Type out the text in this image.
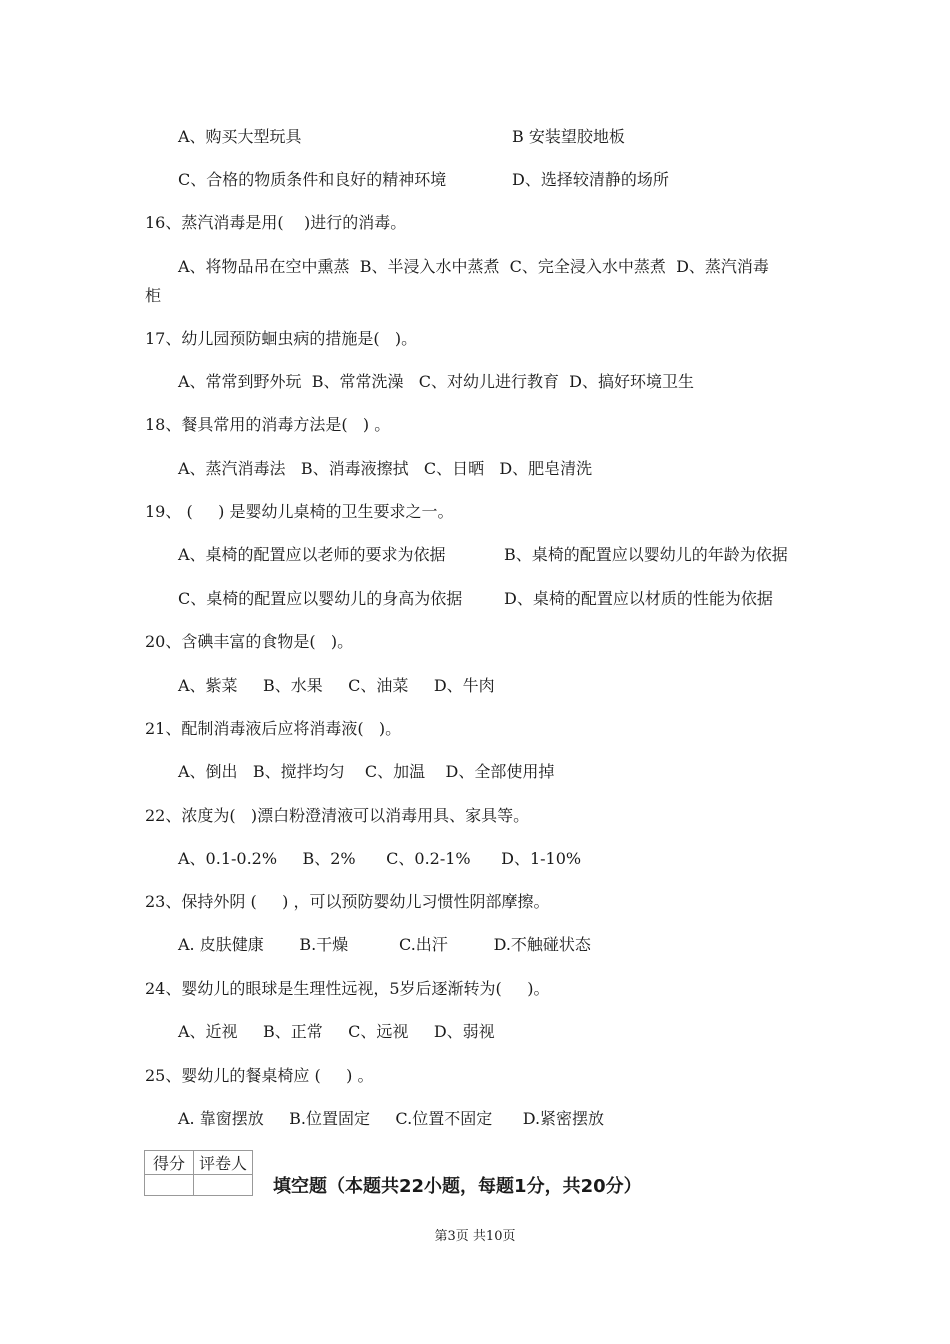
A、购买大型玩具	B 安装望胶地板
C、合格的物质条件和良好的精神环境	D、选择较清静的场所
16、蒸汽消毒是用(    )进行的消毒。
A、将物品吊在空中熏蒸  B、半浸入水中蒸煮  C、完全浸入水中蒸煮  D、蒸汽消毒
柜
17、幼儿园预防蛔虫病的措施是(   )。
A、常常到野外玩  B、常常洗澡   C、对幼儿进行教育  D、搞好环境卫生
18、餐具常用的消毒方法是(   ) 。
A、蒸汽消毒法   B、消毒液擦拭   C、日晒   D、肥皂清洗
19、 (     ) 是婴幼儿桌椅的卫生要求之一。
A、桌椅的配置应以老师的要求为依据	B、桌椅的配置应以婴幼儿的年龄为依据
C、桌椅的配置应以婴幼儿的身高为依据	D、桌椅的配置应以材质的性能为依据
20、含碘丰富的食物是(   )。
A、紫菜     B、水果     C、油菜     D、牛肉
21、配制消毒液后应将消毒液(   )。
A、倒出   B、搅拌均匀    C、加温    D、全部使用掉
22、浓度为(   )漂白粉澄清液可以消毒用具、家具等。
A、0.1-0.2%     B、2%      C、0.2-1%      D、1-10%
23、保持外阴 (     ) ，可以预防婴幼儿习惯性阴部摩擦。
A. 皮肤健康       B.干燥          C.出汗         D.不触碰状态
24、婴幼儿的眼球是生理性远视，5岁后逐渐转为(     )。
A、近视     B、正常     C、远视     D、弱视
25、婴幼儿的餐桌椅应 (     ) 。
A. 靠窗摆放     B.位置固定     C.位置不固定      D.紧密摆放
得分	评卷人

填空题（本题共22小题，每题1分，共20分）
第3页 共10页
